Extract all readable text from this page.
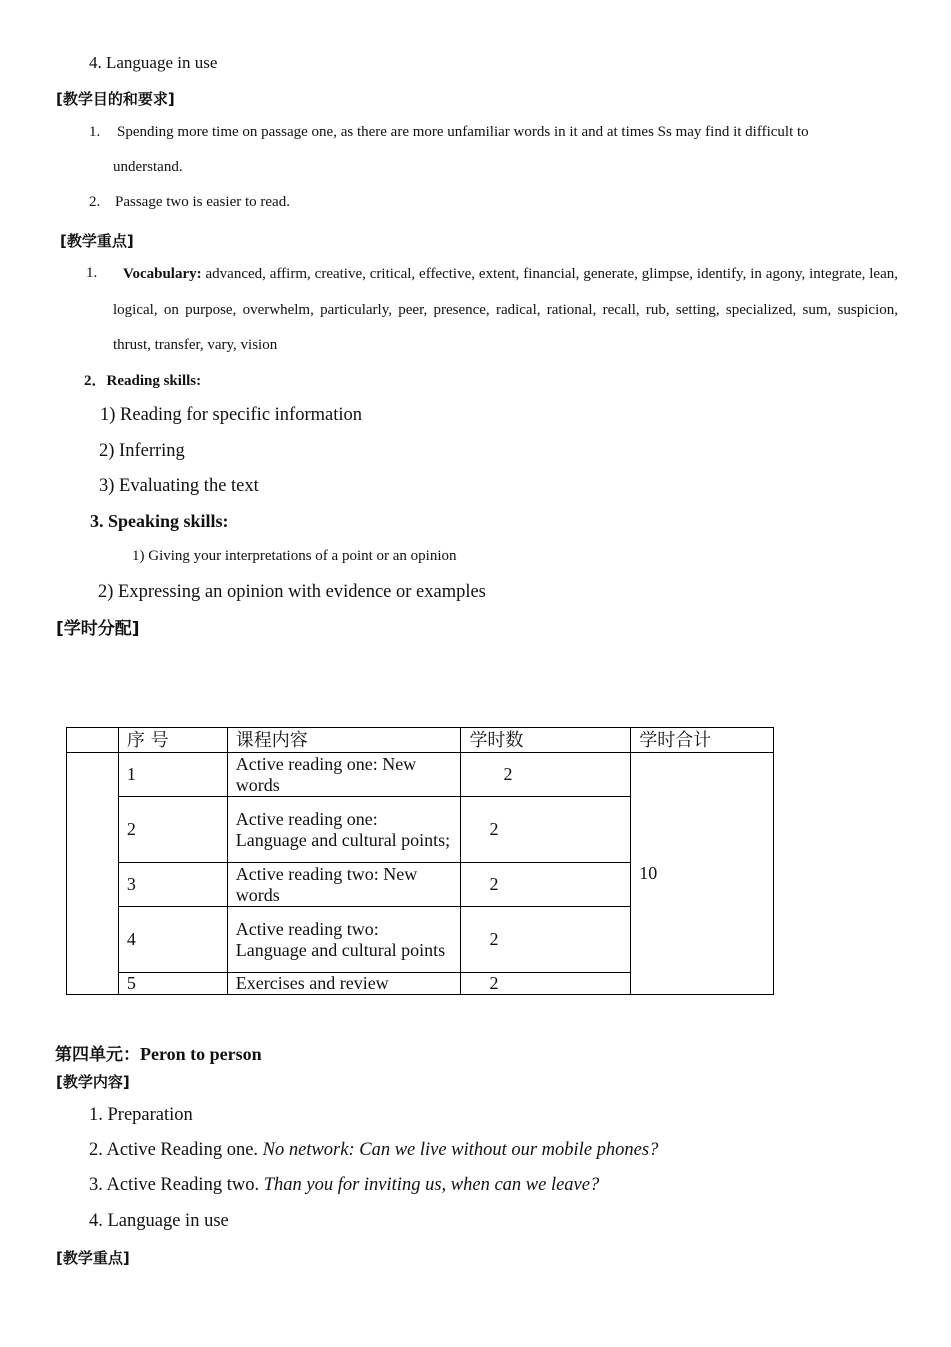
4. Language in use
[教学目的和要求]
1. Spending more time on passage one, as there are more unfamiliar words in it and at times Ss may find it difficult to
understand.
2. Passage two is easier to read.
[教学重点]
1.	Vocabulary: advanced, affirm, creative, critical, effective, extent, financial, generate, glimpse, identify, in agony, integrate, lean, logical, on purpose, overwhelm, particularly, peer, presence, radical, rational, recall, rub, setting, specialized, sum, suspicion, thrust, transfer, vary, vision
2．Reading skills:
1) Reading for specific information
2) Inferring
3) Evaluating the text
3. Speaking skills:
1) Giving your interpretations of a point or an opinion
2) Expressing an opinion with evidence or examples
[学时分配]
	序 号	课程内容	学时数	学时合计
	1	Active reading one: New words	2	10
	2	Active reading one: Language and cultural points;	2	
	3	Active reading two: New words	2	
	4	Active reading two: Language and cultural points	2	
	5	Exercises and review	2	
第四单元：Peron to person
[教学内容]
1. Preparation
2. Active Reading one. No network: Can we live without our mobile phones?
3. Active Reading two. Than you for inviting us, when can we leave?
4. Language in use
[教学重点]
